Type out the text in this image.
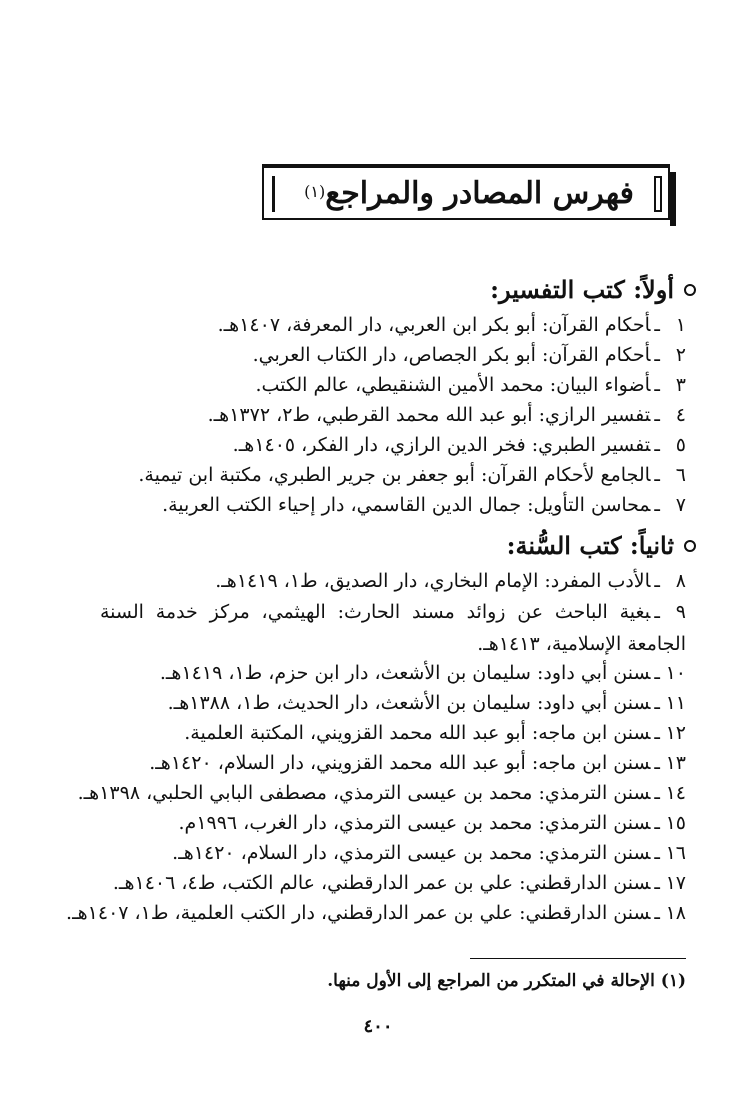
فهرس المصادر والمراجع$^{(١)}$
أولاً: كتب التفسير:
١ـأحكام القرآن: أبو بكر ابن العربي، دار المعرفة، ١٤٠٧هـ.
٢ـأحكام القرآن: أبو بكر الجصاص، دار الكتاب العربي.
٣ـأضواء البيان: محمد الأمين الشنقيطي، عالم الكتب.
٤ـتفسير الرازي: أبو عبد الله محمد القرطبي، ط٢، ١٣٧٢هـ.
٥ـتفسير الطبري: فخر الدين الرازي، دار الفكر، ١٤٠٥هـ.
٦ـالجامع لأحكام القرآن: أبو جعفر بن جرير الطبري، مكتبة ابن تيمية.
٧ـمحاسن التأويل: جمال الدين القاسمي، دار إحياء الكتب العربية.
ثانياً: كتب السُّنة:
٨ـالأدب المفرد: الإمام البخاري، دار الصديق، ط١، ١٤١٩هـ.
٩ـبغية الباحث عن زوائد مسند الحارث: الهيثمي، مركز خدمة السنة الجامعة الإسلامية، ١٤١٣هـ.
١٠ـسنن أبي داود: سليمان بن الأشعث، دار ابن حزم، ط١، ١٤١٩هـ.
١١ـسنن أبي داود: سليمان بن الأشعث، دار الحديث، ط١، ١٣٨٨هـ.
١٢ـسنن ابن ماجه: أبو عبد الله محمد القزويني، المكتبة العلمية.
١٣ـسنن ابن ماجه: أبو عبد الله محمد القزويني، دار السلام، ١٤٢٠هـ.
١٤ـسنن الترمذي: محمد بن عيسى الترمذي، مصطفى البابي الحلبي، ١٣٩٨هـ.
١٥ـسنن الترمذي: محمد بن عيسى الترمذي، دار الغرب، ١٩٩٦م.
١٦ـسنن الترمذي: محمد بن عيسى الترمذي، دار السلام، ١٤٢٠هـ.
١٧ـسنن الدارقطني: علي بن عمر الدارقطني، عالم الكتب، ط٤، ١٤٠٦هـ.
١٨ـسنن الدارقطني: علي بن عمر الدارقطني، دار الكتب العلمية، ط١، ١٤٠٧هـ.
(١) الإحالة في المتكرر من المراجع إلى الأول منها.
٤٠٠
